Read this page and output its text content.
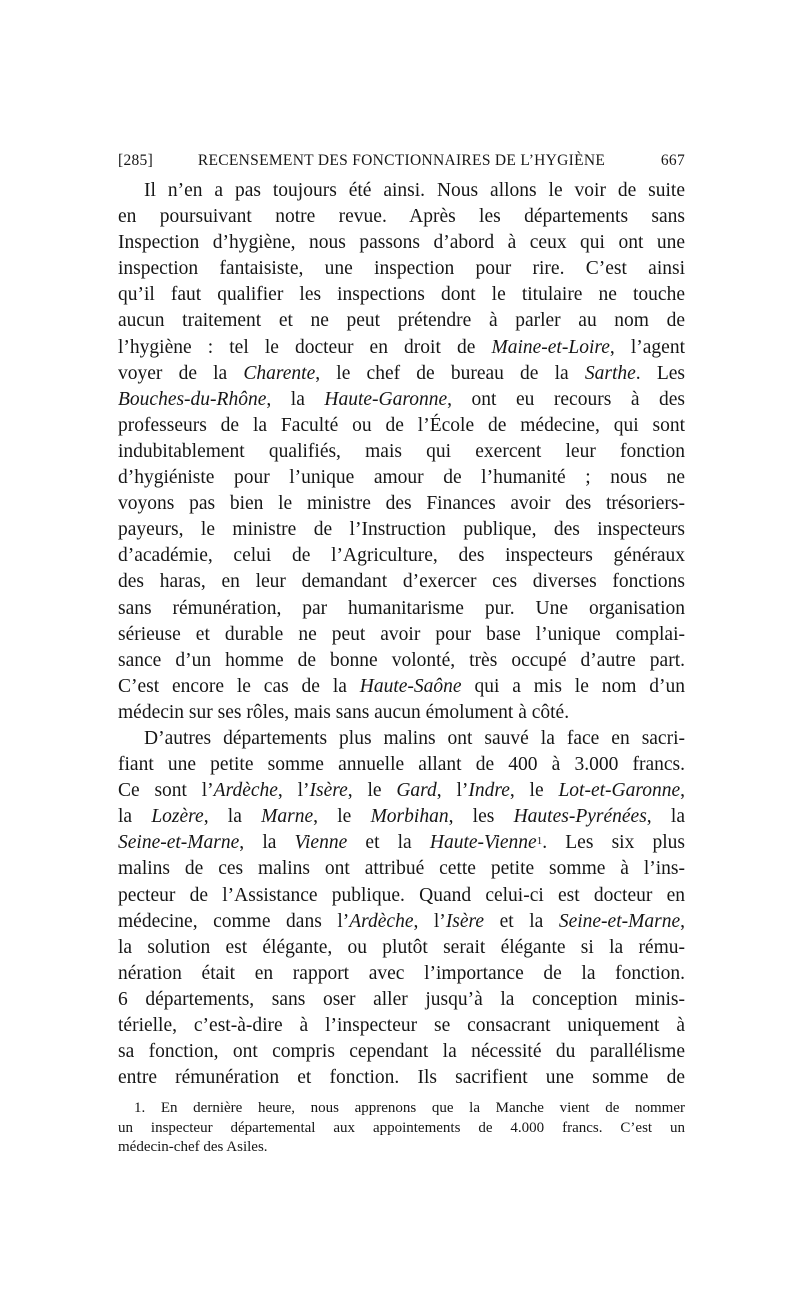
[285]	RECENSEMENT DES FONCTIONNAIRES DE L’HYGIÈNE	667
Il n’en a pas toujours été ainsi. Nous allons le voir de suite
en poursuivant notre revue. Après les départements sans
Inspection d’hygiène, nous passons d’abord à ceux qui ont une
inspection fantaisiste, une inspection pour rire. C’est ainsi
qu’il faut qualifier les inspections dont le titulaire ne touche
aucun traitement et ne peut prétendre à parler au nom de
l’hygiène : tel le docteur en droit de Maine-et-Loire, l’agent
voyer de la Charente, le chef de bureau de la Sarthe. Les
Bouches-du-Rhône, la Haute-Garonne, ont eu recours à des
professeurs de la Faculté ou de l’École de médecine, qui sont
indubitablement qualifiés, mais qui exercent leur fonction
d’hygiéniste pour l’unique amour de l’humanité ; nous ne
voyons pas bien le ministre des Finances avoir des trésoriers-
payeurs, le ministre de l’Instruction publique, des inspecteurs
d’académie, celui de l’Agriculture, des inspecteurs généraux
des haras, en leur demandant d’exercer ces diverses fonctions
sans rémunération, par humanitarisme pur. Une organisation
sérieuse et durable ne peut avoir pour base l’unique complai-
sance d’un homme de bonne volonté, très occupé d’autre part.
C’est encore le cas de la Haute-Saône qui a mis le nom d’un
médecin sur ses rôles, mais sans aucun émolument à côté.
D’autres départements plus malins ont sauvé la face en sacri-
fiant une petite somme annuelle allant de 400 à 3.000 francs.
Ce sont l’Ardèche, l’Isère, le Gard, l’Indre, le Lot-et-Garonne,
la Lozère, la Marne, le Morbihan, les Hautes-Pyrénées, la
Seine-et-Marne, la Vienne et la Haute-Vienne$^1$. Les six plus
malins de ces malins ont attribué cette petite somme à l’ins-
pecteur de l’Assistance publique. Quand celui-ci est docteur en
médecine, comme dans l’Ardèche, l’Isère et la Seine-et-Marne,
la solution est élégante, ou plutôt serait élégante si la rému-
nération était en rapport avec l’importance de la fonction.
6 départements, sans oser aller jusqu’à la conception minis-
térielle, c’est-à-dire à l’inspecteur se consacrant uniquement à
sa fonction, ont compris cependant la nécessité du parallélisme
entre rémunération et fonction. Ils sacrifient une somme de
1. En dernière heure, nous apprenons que la Manche vient de nommer
un inspecteur départemental aux appointements de 4.000 francs. C’est un
médecin-chef des Asiles.
